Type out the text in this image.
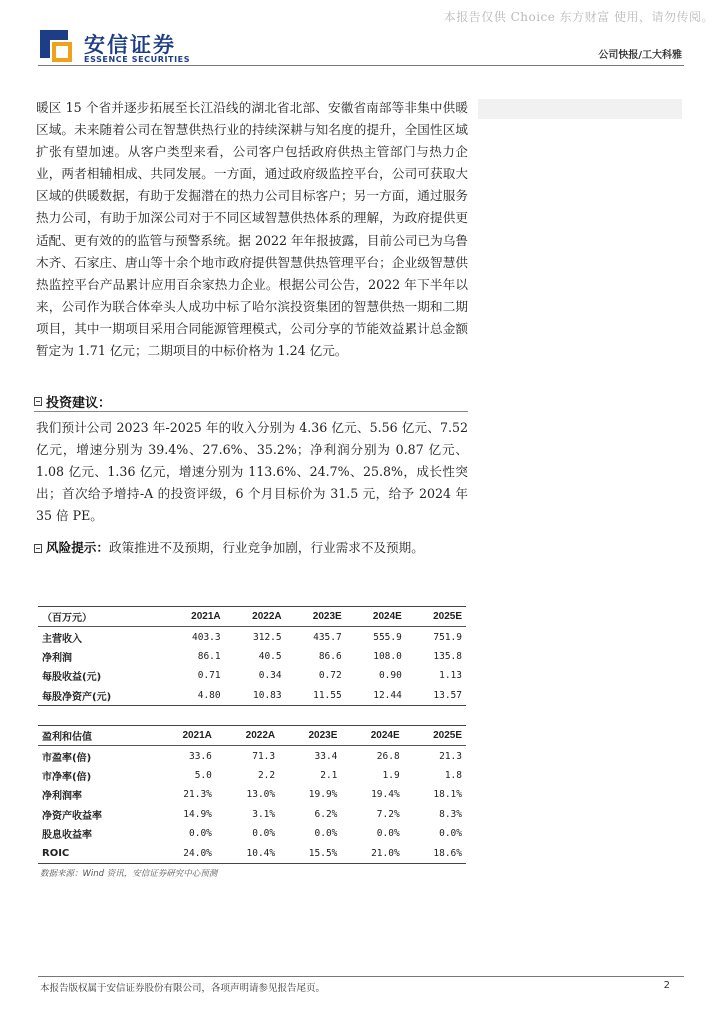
本报告仅供 Choice 东方财富 使用，请勿传阅。
安信证券
ESSENCE SECURITIES	公司快报/工大科雅

暖区 15 个省并逐步拓展至长江沿线的湖北省北部、安徽省南部等非集中供暖区域。未来随着公司在智慧供热行业的持续深耕与知名度的提升，全国性区域扩张有望加速。从客户类型来看，公司客户包括政府供热主管部门与热力企业，两者相辅相成、共同发展。一方面，通过政府级监控平台，公司可获取大区域的供暖数据，有助于发掘潜在的热力公司目标客户；另一方面，通过服务热力公司，有助于加深公司对于不同区域智慧供热体系的理解，为政府提供更适配、更有效的的监管与预警系统。据 2022 年年报披露，目前公司已为乌鲁木齐、石家庄、唐山等十余个地市政府提供智慧供热管理平台；企业级智慧供热监控平台产品累计应用百余家热力企业。根据公司公告，2022 年下半年以来，公司作为联合体牵头人成功中标了哈尔滨投资集团的智慧供热一期和二期项目，其中一期项目采用合同能源管理模式，公司分享的节能效益累计总金额暂定为 1.71 亿元；二期项目的中标价格为 1.24 亿元。

投资建议：

我们预计公司 2023 年-2025 年的收入分别为 4.36 亿元、5.56 亿元、7.52 亿元，增速分别为 39.4%、27.6%、35.2%；净利润分别为 0.87 亿元、1.08 亿元、1.36 亿元，增速分别为 113.6%、24.7%、25.8%，成长性突出；首次给予增持-A 的投资评级，6 个月目标价为 31.5 元，给予 2024 年 35 倍 PE。

风险提示：政策推进不及预期，行业竞争加剧，行业需求不及预期。

（百万元）	2021A	2022A	2023E	2024E	2025E
主营收入	403.3	312.5	435.7	555.9	751.9
净利润	86.1	40.5	86.6	108.0	135.8
每股收益(元)	0.71	0.34	0.72	0.90	1.13
每股净资产(元)	4.80	10.83	11.55	12.44	13.57
盈利和估值	2021A	2022A	2023E	2024E	2025E
市盈率(倍)	33.6	71.3	33.4	26.8	21.3
市净率(倍)	5.0	2.2	2.1	1.9	1.8
净利润率	21.3%	13.0%	19.9%	19.4%	18.1%
净资产收益率	14.9%	3.1%	6.2%	7.2%	8.3%
股息收益率	0.0%	0.0%	0.0%	0.0%	0.0%
ROIC	24.0%	10.4%	15.5%	21.0%	18.6%
数据来源：Wind 资讯，安信证券研究中心预测
本报告版权属于安信证券股份有限公司，各项声明请参见报告尾页。	2
